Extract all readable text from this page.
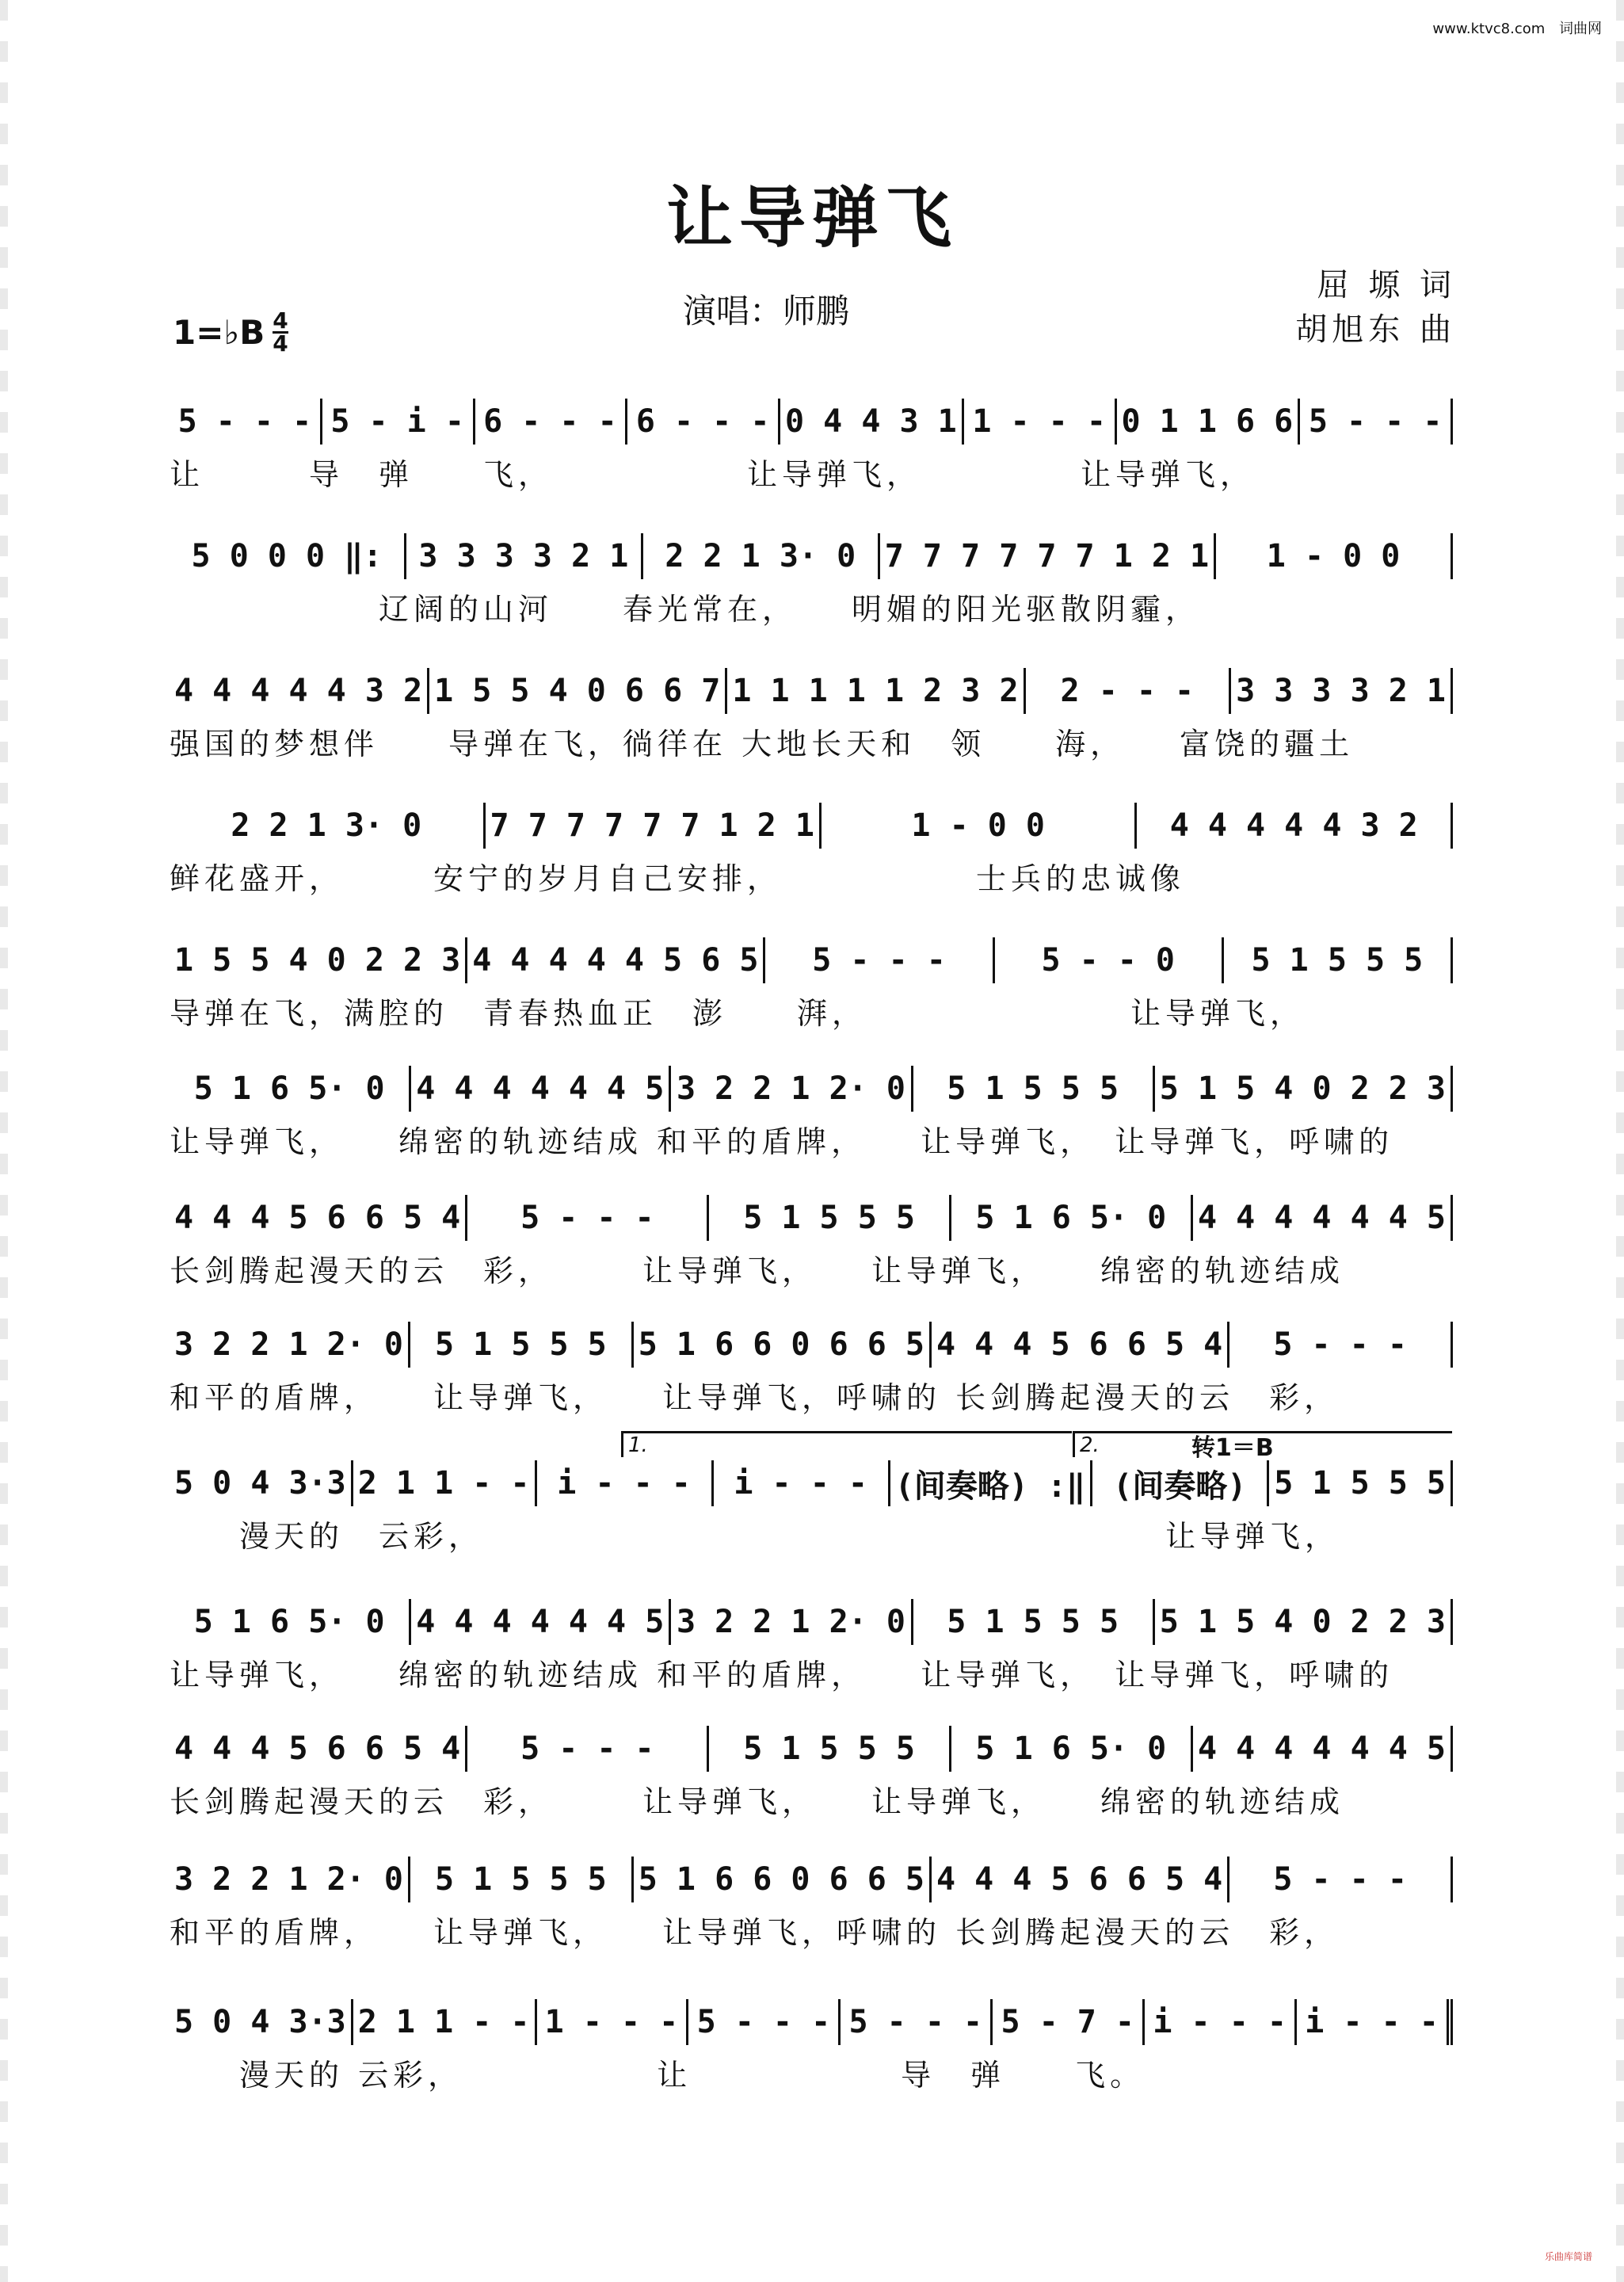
www.ktvc8.com 词曲网
让导弹飞
演唱：师鹏
屈 塬 词
胡旭东 曲
1=♭B $\frac{4}{4}$
5 - - - 5 - i - 6 - - - 6 - - - 0 4 4 3 1 1 - - - 0 1 1 6 6 5 - - -
让　　　导　弹　　飞，　　　　　　让导弹飞，　　　　　让导弹飞，
5 0 0 0 ‖:	3 3 3 3 2 1	2 2 1 3· 0 7 7 7 7 7 7 1 2 1	1 - 0 0
　　　　　　辽阔的山河　　春光常在，　　明媚的阳光驱散阴霾，
4 4 4 4 4 3 2 1 5 5 4 0 6 6 7 1 1 1 1 1 2 3 2	2 - - -	3 3 3 3 2 1
强国的梦想伴　　导弹在飞，徜徉在 大地长天和　领　　海，　　富饶的疆土
2 2 1 3· 0	7 7 7 7 7 7 1 2 1	1 - 0 0	4 4 4 4 4 3 2
鲜花盛开，　　　安宁的岁月自己安排，　　　　　　士兵的忠诚像
1 5 5 4 0 2 2 3 4 4 4 4 4 5 6 5	5 - - -	5 - - 0	5 1 5 5 5
导弹在飞，满腔的　青春热血正　澎　　湃，　　　　　　　　让导弹飞，
5 1 6 5· 0 4 4 4 4 4 4 5 3 2 2 1 2· 0	5 1 5 5 5	5 1 5 4 0 2 2 3
让导弹飞，　　绵密的轨迹结成 和平的盾牌，　　让导弹飞，　让导弹飞，呼啸的
4 4 4 5 6 6 5 4	5 - - -	5 1 5 5 5	5 1 6 5· 0 4 4 4 4 4 4 5
长剑腾起漫天的云　彩，　　　让导弹飞，　　让导弹飞，　　绵密的轨迹结成
3 2 2 1 2· 0	5 1 5 5 5	5 1 6 6 0 6 6 5 4 4 4 5 6 6 5 4	5 - - -
和平的盾牌，　　让导弹飞，　　让导弹飞，呼啸的 长剑腾起漫天的云　彩，
5 0 4 3·3 2 1 1 - - i - - -	i - - - (间奏略) :‖ (间奏略) 5 1 5 5 5
1.	2.	转1＝B
　　漫天的　云彩，　　　　　　　　　　　　　　　　　　　　让导弹飞，
5 1 6 5· 0 4 4 4 4 4 4 5 3 2 2 1 2· 0	5 1 5 5 5	5 1 5 4 0 2 2 3
让导弹飞，　　绵密的轨迹结成 和平的盾牌，　　让导弹飞，　让导弹飞，呼啸的
4 4 4 5 6 6 5 4	5 - - -	5 1 5 5 5	5 1 6 5· 0 4 4 4 4 4 4 5
长剑腾起漫天的云　彩，　　　让导弹飞，　　让导弹飞，　　绵密的轨迹结成
3 2 2 1 2· 0	5 1 5 5 5	5 1 6 6 0 6 6 5 4 4 4 5 6 6 5 4	5 - - -
和平的盾牌，　　让导弹飞，　　让导弹飞，呼啸的 长剑腾起漫天的云　彩，
5 0 4 3·3 2 1 1 - - 1 - - - 5 - - - 5 - - - 5 - 7 - i - - - i - - -
　　漫天的 云彩，　　　　　　让　　　　　　导　弹　　飞。
乐曲库简谱
